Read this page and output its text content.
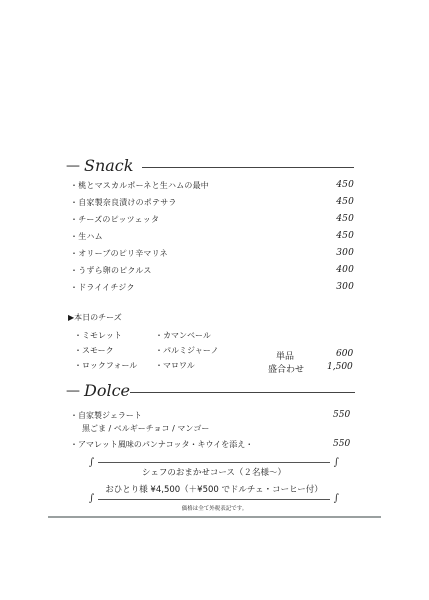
— Snack
・桃とマスカルポーネと生ハムの最中	450
・自家製奈良漬けのポテサラ	450
・チーズのピッツェッタ	450
・生ハム	450
・オリーブのピリ辛マリネ	300
・うずら卵のピクルス	400
・ドライイチジク	300
▶本日のチーズ
・ミモレット
・スモーク
・ロックフォール
・カマンベール
・パルミジャーノ
・マロワル
単品	600
盛合わせ	1,500
— Dolce
・自家製ジェラート	550
黒ごま / ベルギーチョコ / マンゴー
・アマレット風味のパンナコッタ・キウイを添え・	550
∫	∫
∫	∫
シェフのおまかせコース（２名様～）
おひとり様 ¥4,500（＋¥500 でドルチェ・コーヒー付）
価格は全て外税表記です。
